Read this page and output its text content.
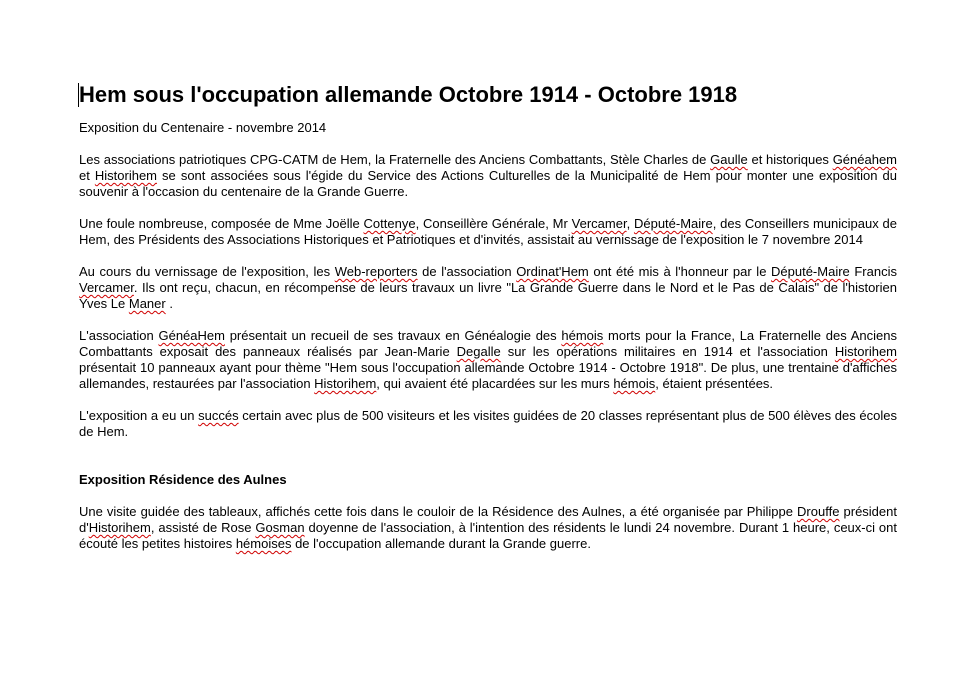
Hem sous l'occupation allemande Octobre 1914 - Octobre 1918
Exposition du Centenaire - novembre 2014
Les associations patriotiques CPG-CATM de Hem, la Fraternelle des Anciens Combattants, Stèle Charles de Gaulle et historiques Généahem et Historihem se sont associées sous l'égide du Service des Actions Culturelles de la Municipalité de Hem pour monter une exposition du souvenir à l'occasion du centenaire de la Grande Guerre.
Une foule nombreuse, composée de Mme Joëlle Cottenye, Conseillère Générale, Mr Vercamer, Député-Maire, des Conseillers municipaux de Hem, des Présidents des Associations Historiques et Patriotiques et d'invités, assistait au vernissage de l'exposition le 7 novembre 2014
Au cours du vernissage de l'exposition, les Web-reporters de l'association Ordinat'Hem ont été mis à l'honneur par le Député-Maire Francis Vercamer. Ils ont reçu, chacun, en récompense de leurs travaux un livre "La Grande Guerre dans le Nord et le Pas de Calais" de l'historien Yves Le Maner .
L'association GénéaHem présentait un recueil de ses travaux en Généalogie des hémois morts pour la France, La Fraternelle des Anciens Combattants exposait des panneaux réalisés par Jean-Marie Degalle sur les opérations militaires en 1914 et l'association Historihem présentait 10 panneaux ayant pour thème "Hem sous l'occupation allemande Octobre 1914 - Octobre 1918". De plus, une trentaine d'affiches allemandes, restaurées par l'association Historihem, qui avaient été placardées sur les murs hémois, étaient présentées.
L'exposition a eu un succés certain avec plus de 500 visiteurs et les visites guidées de 20 classes représentant plus de 500 élèves des écoles de Hem.
Exposition Résidence des Aulnes
Une visite guidée des tableaux, affichés cette fois dans le couloir de la Résidence des Aulnes, a été organisée par Philippe Drouffe président d'Historihem, assisté de Rose Gosman doyenne de l'association, à l'intention des résidents le lundi 24 novembre. Durant 1 heure, ceux-ci ont écouté les petites histoires hémoises de l'occupation allemande durant la Grande guerre.
